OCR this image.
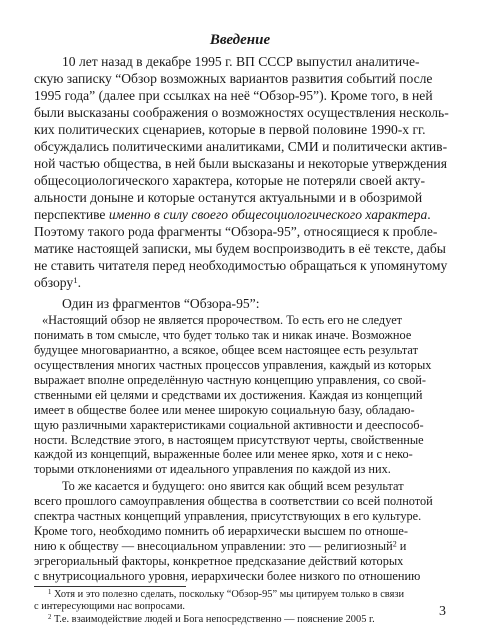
Введение
10 лет назад в декабре 1995 г. ВП СССР выпустил аналитиче-
скую записку “Обзор возможных вариантов развития событий после
1995 года” (далее при ссылках на неё “Обзор-95”). Кроме того, в ней
были высказаны соображения о возможностях осуществления несколь-
ких политических сценариев, которые в первой половине 1990-х гг.
обсуждались политическими аналитиками, СМИ и политически актив-
ной частью общества, в ней были высказаны и некоторые утверждения
общесоциологического характера, которые не потеряли своей акту-
альности доныне и которые останутся актуальными и в обозримой
перспективе именно в силу своего общесоциологического характера.
Поэтому такого рода фрагменты “Обзора-95”, относящиеся к пробле-
матике настоящей записки, мы будем воспроизводить в её тексте, дабы
не ставить читателя перед необходимостью обращаться к упомянутому
обзору$^1$.
Один из фрагментов “Обзора-95”:
«Настоящий обзор не является пророчеством. То есть его не следует
понимать в том смысле, что будет только так и никак иначе. Возможное
будущее многовариантно, а всякое, общее всем настоящее есть результат
осуществления многих частных процессов управления, каждый из которых
выражает вполне определённую частную концепцию управления, со свой-
ственными ей целями и средствами их достижения. Каждая из концепций
имеет в обществе более или менее широкую социальную базу, обладаю-
щую различными характеристиками социальной активности и дееспособ-
ности. Вследствие этого, в настоящем присутствуют черты, свойственные
каждой из концепций, выраженные более или менее ярко, хотя и с неко-
торыми отклонениями от идеального управления по каждой из них.
То же касается и будущего: оно явится как общий всем результат
всего прошлого самоуправления общества в соответствии со всей полнотой
спектра частных концепций управления, присутствующих в его культуре.
Кроме того, необходимо помнить об иерархически высшем по отноше-
нию к обществу — внесоциальном управлении: это — религиозный$^2$ и
эгрегориальный факторы, конкретное предсказание действий которых
с внутрисоциального уровня, иерархически более низкого по отношению
3
$^1$ Хотя и это полезно сделать, поскольку “Обзор-95” мы цитируем только в связи
с интересующими нас вопросами.
$^2$ Т.е. взаимодействие людей и Бога непосредственно — пояснение 2005 г.
